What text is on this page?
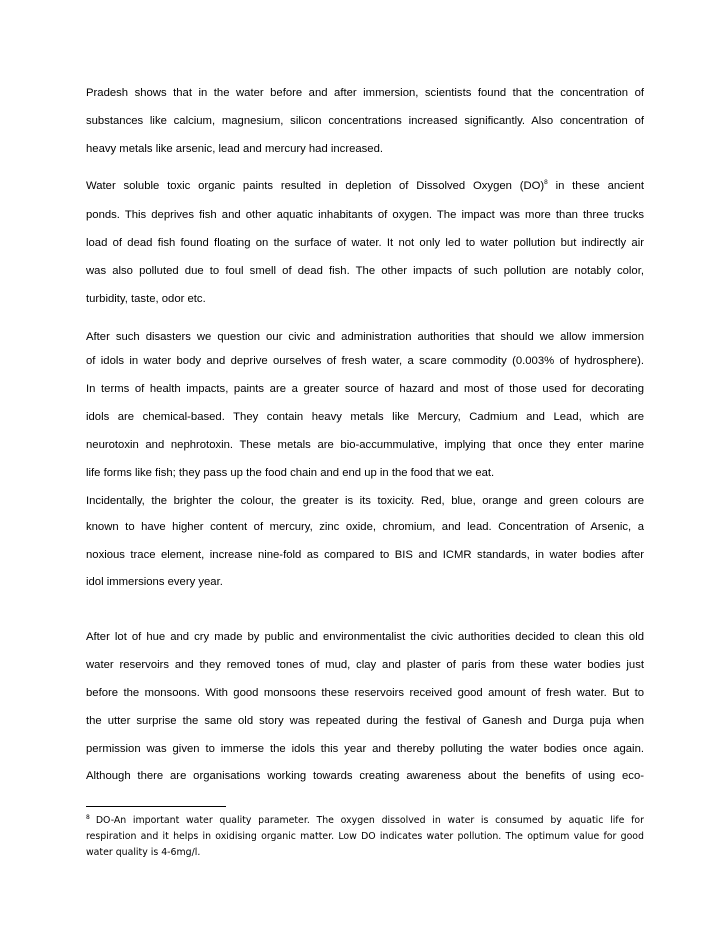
Pradesh shows that in the water before and after immersion, scientists found that the concentration of
substances like calcium, magnesium, silicon concentrations increased significantly. Also concentration of
heavy metals like arsenic, lead and mercury had increased.
Water soluble toxic organic paints resulted in depletion of Dissolved Oxygen (DO)$^8$ in these ancient
ponds. This deprives fish and other aquatic inhabitants of oxygen. The impact was more than three trucks
load of dead fish found floating on the surface of water. It not only led to water pollution but indirectly air
was also polluted due to foul smell of dead fish. The other impacts of such pollution are notably color,
turbidity, taste, odor etc.
After such disasters we question our civic and administration authorities that should we allow immersion
of idols in water body and deprive ourselves of fresh water, a scare commodity (0.003% of hydrosphere).
In terms of health impacts, paints are a greater source of hazard and most of those used for decorating
idols are chemical-based. They contain heavy metals like Mercury, Cadmium and Lead, which are
neurotoxin and nephrotoxin. These metals are bio-accummulative, implying that once they enter marine
life forms like fish; they pass up the food chain and end up in the food that we eat.
Incidentally, the brighter the colour, the greater is its toxicity. Red, blue, orange and green colours are
known to have higher content of mercury, zinc oxide, chromium, and lead. Concentration of Arsenic, a
noxious trace element, increase nine-fold as compared to BIS and ICMR standards, in water bodies after
idol immersions every year.
After lot of hue and cry made by public and environmentalist the civic authorities decided to clean this old
water reservoirs and they removed tones of mud, clay and plaster of paris from these water bodies just
before the monsoons. With good monsoons these reservoirs received good amount of fresh water. But to
the utter surprise the same old story was repeated during the festival of Ganesh and Durga puja when
permission was given to immerse the idols this year and thereby polluting the water bodies once again.
Although there are organisations working towards creating awareness about the benefits of using eco-
$^8$ DO-An important water quality parameter. The oxygen dissolved in water is consumed by aquatic life for
respiration and it helps in oxidising organic matter. Low DO indicates water pollution. The optimum value for good
water quality is 4-6mg/l.
